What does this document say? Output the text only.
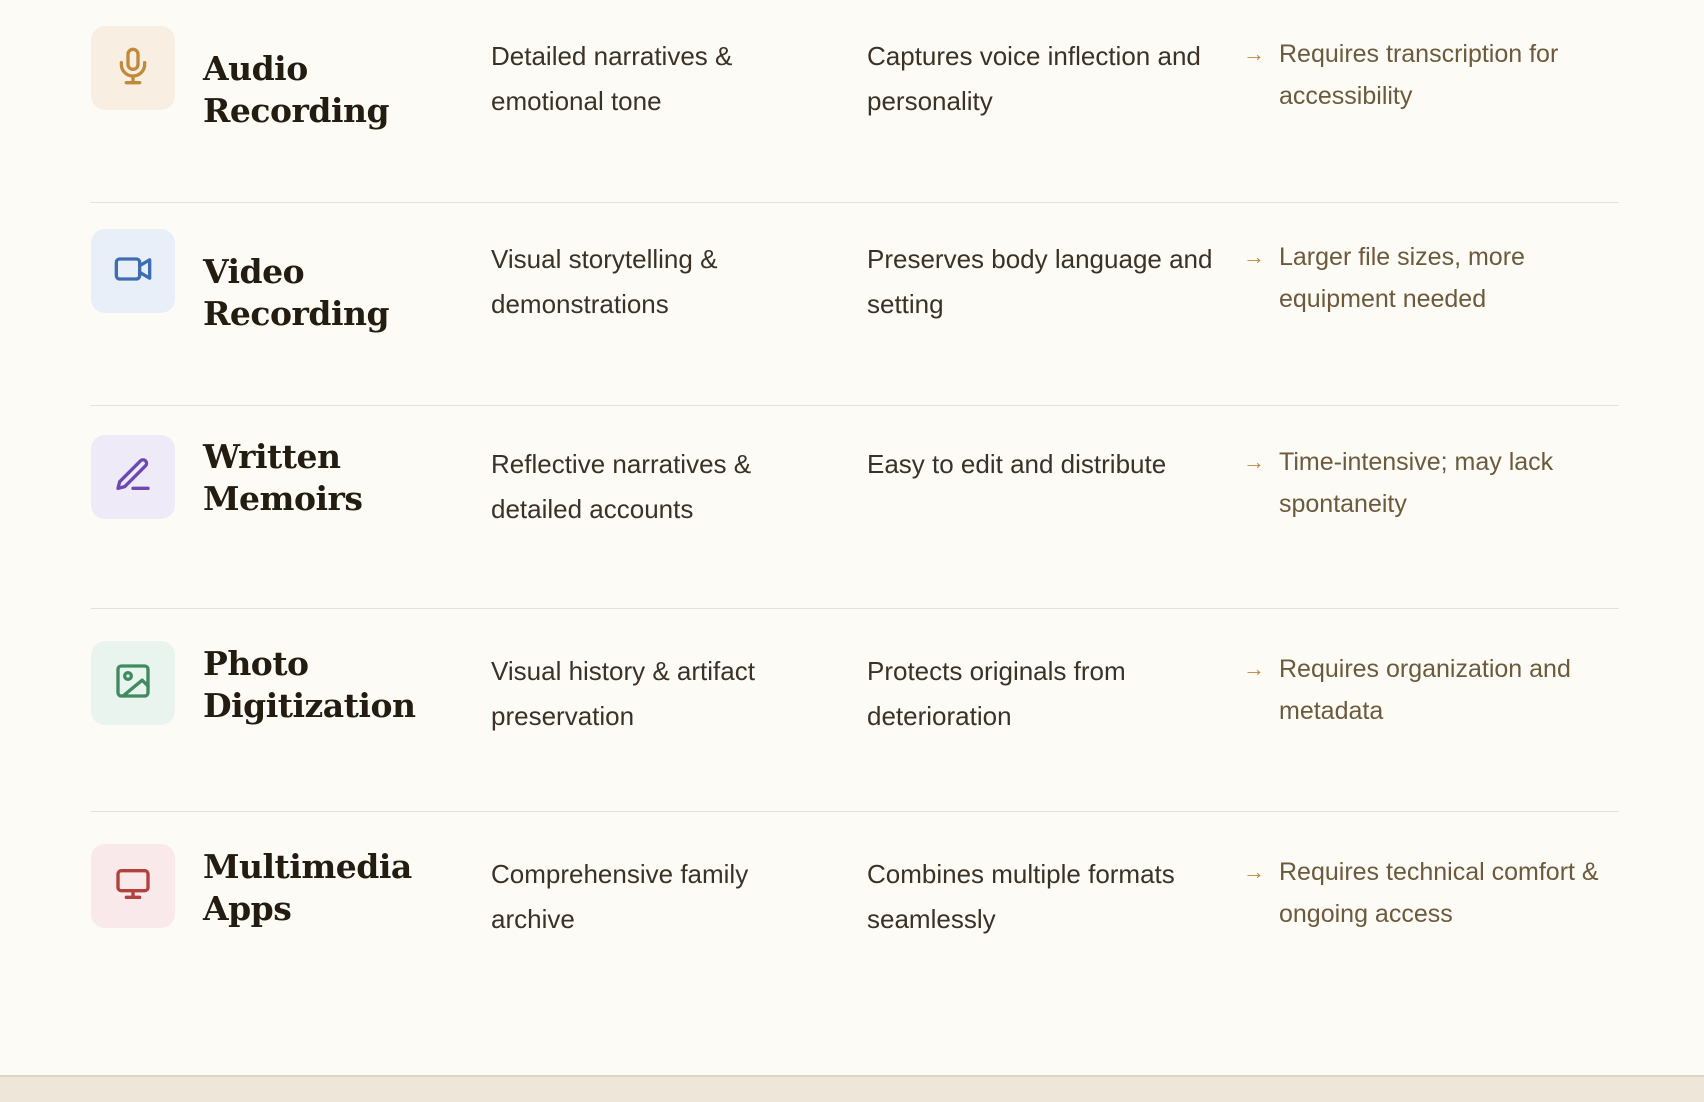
Audio Recording
Detailed narratives & emotional tone
Captures voice inflection and personality
→ Requires transcription for accessibility
Video Recording
Visual storytelling & demonstrations
Preserves body language and setting
→ Larger file sizes, more equipment needed
Written Memoirs
Reflective narratives & detailed accounts
Easy to edit and distribute	→ Time-intensive; may lack spontaneity
Photo Digitization
Visual history & artifact preservation
Protects originals from deterioration
→ Requires organization and metadata
Multimedia Apps
Comprehensive family archive
Combines multiple formats seamlessly
→ Requires technical comfort & ongoing access
